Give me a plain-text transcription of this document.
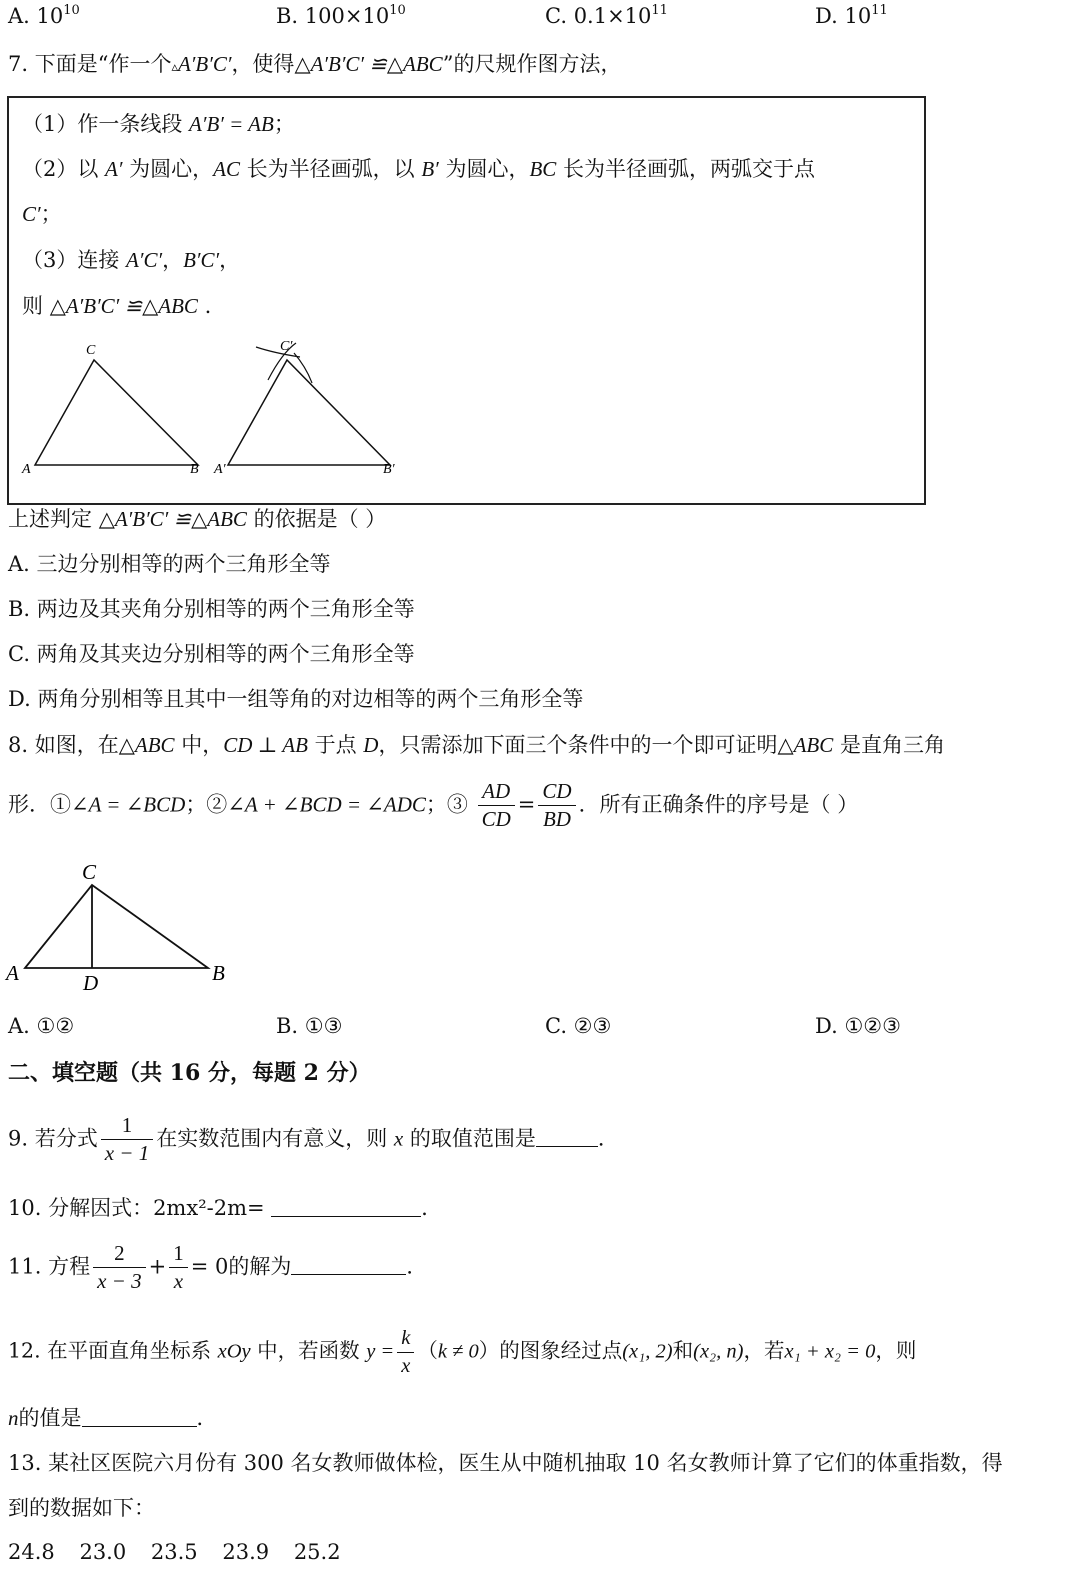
A. $10^{10}$	B. $100\times 10^{10}$	C. $0.1\times 10^{11}$	D. $10^{11}$
7. 下面是“作一个▵A′B′C′，使得△A′B′C′ ≌△ABC”的尺规作图方法，
（1）作一条线段 A′B′ = AB；
（2）以 A′ 为圆心，AC 长为半径画弧，以 B′ 为圆心，BC 长为半径画弧，两弧交于点
C′；
（3）连接 A′C′，B′C′，
则 △A′B′C′ ≌△ABC .
C
A	B
C′
A′	B′
上述判定 △A′B′C′ ≌△ABC 的依据是（ ）
A. 三边分别相等的两个三角形全等
B. 两边及其夹角分别相等的两个三角形全等
C. 两角及其夹边分别相等的两个三角形全等
D. 两角分别相等且其中一组等角的对边相等的两个三角形全等
8. 如图，在△ABC 中，CD ⊥ AB 于点 D，只需添加下面三个条件中的一个即可证明△ABC 是直角三角
形．①∠A = ∠BCD；②∠A + ∠BCD = ∠ADC；③ $\frac{AD}{CD} = \frac{CD}{BD}$ ．所有正确条件的序号是（ ）
C
A	D	B
A. ①②	B. ①③	C. ②③	D. ①②③
二、填空题（共 16 分，每题 2 分）
9. 若分式 $\frac{1}{x - 1}$ 在实数范围内有意义，则 x 的取值范围是	．
10. 分解因式：2mx²-2m=	．
11. 方程 $\frac{2}{x - 3} + \frac{1}{x} = 0$的解为	．
12. 在平面直角坐标系 xOy 中，若函数 $y = \frac{k}{x} (k \ne 0)$的图象经过点(x₁, 2)和(x₂, n)，若x₁ + x₂ = 0，则
n的值是	．
13. 某社区医院六月份有 300 名女教师做体检，医生从中随机抽取 10 名女教师计算了它们的体重指数，得
到的数据如下：
24.8 23.0 23.5 23.9 25.2
